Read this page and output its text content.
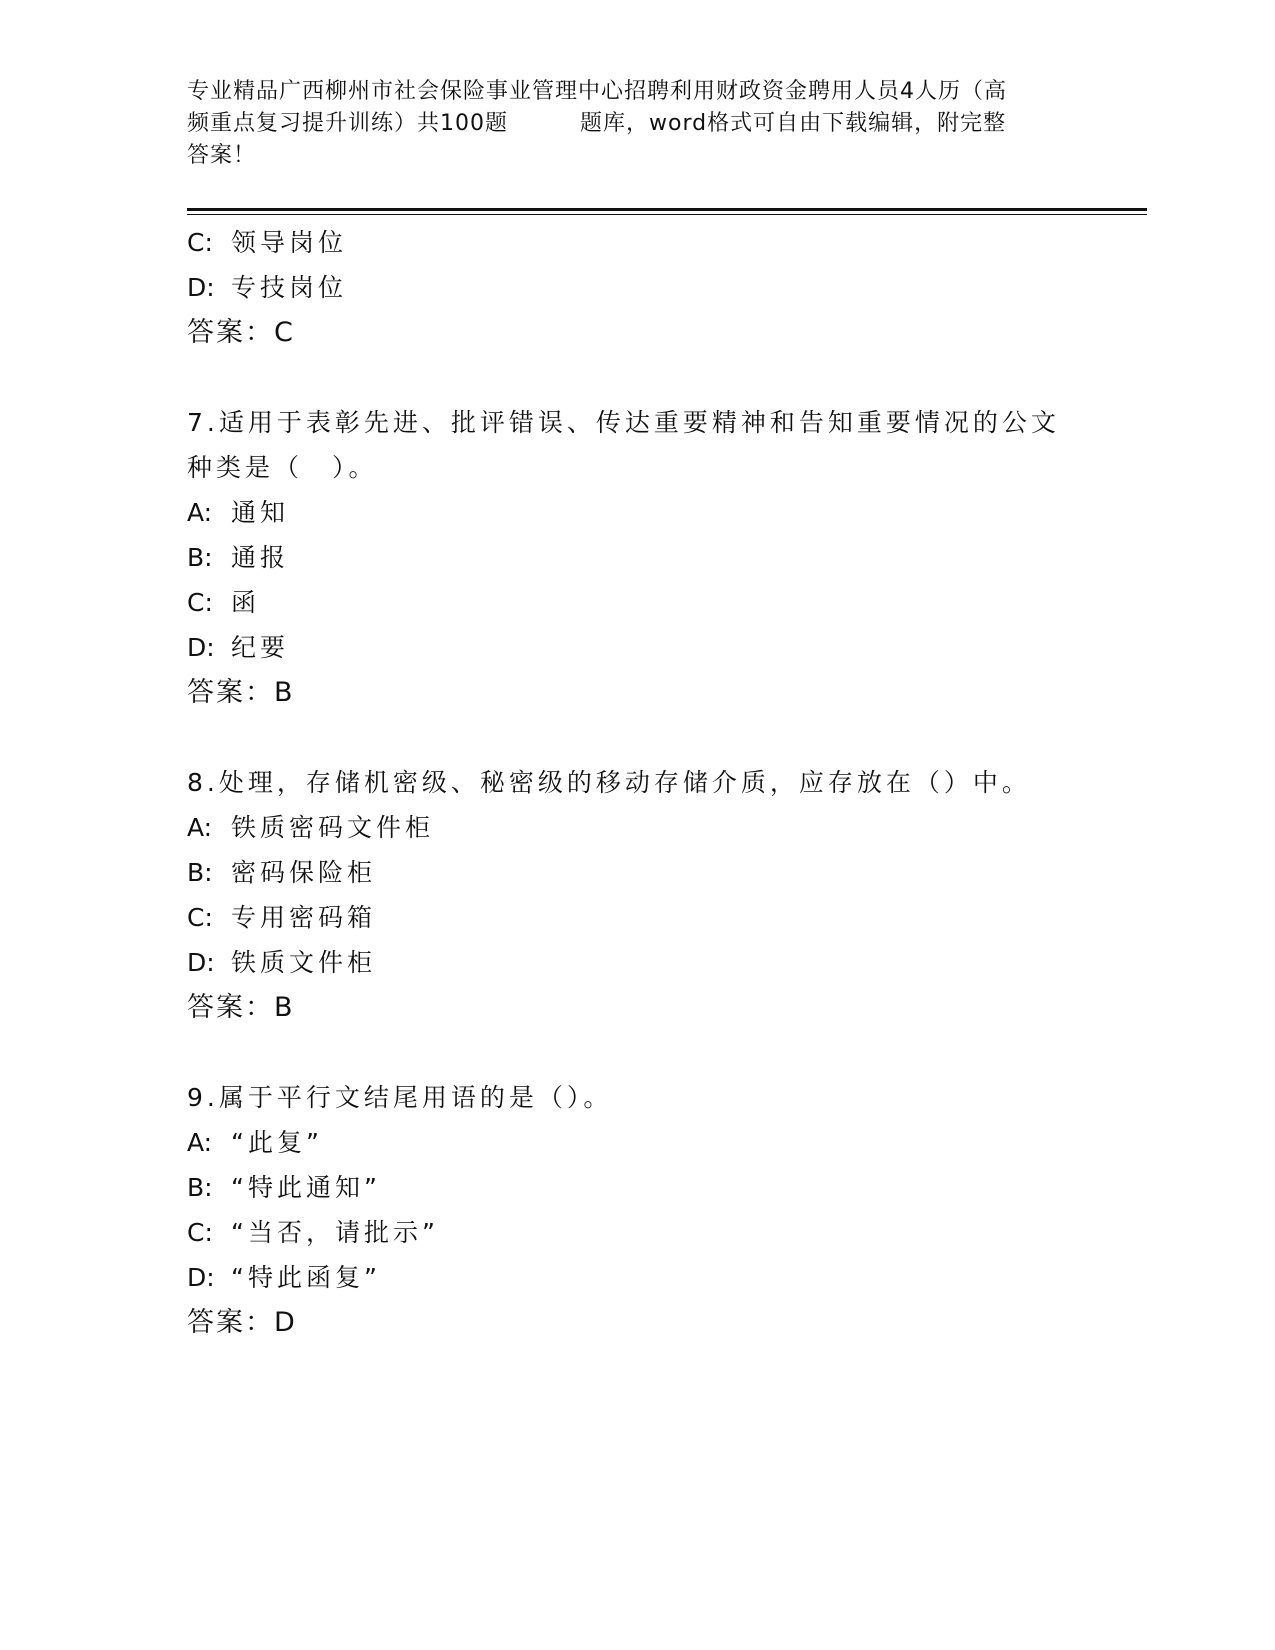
专业精品广西柳州市社会保险事业管理中心招聘利用财政资金聘用人员4人历（高
频重点复习提升训练）共100题	题库，word格式可自由下载编辑，附完整
答案！
C: 领导岗位
D: 专技岗位
答案：C
7.适用于表彰先进、批评错误、传达重要精神和告知重要情况的公文
种类是（　）。
A: 通知
B: 通报
C: 函
D: 纪要
答案：B
8.处理，存储机密级、秘密级的移动存储介质，应存放在（）中。
A: 铁质密码文件柜
B: 密码保险柜
C: 专用密码箱
D: 铁质文件柜
答案：B
9.属于平行文结尾用语的是（）。
A: “此复”
B: “特此通知”
C: “当否，请批示”
D: “特此函复”
答案：D
